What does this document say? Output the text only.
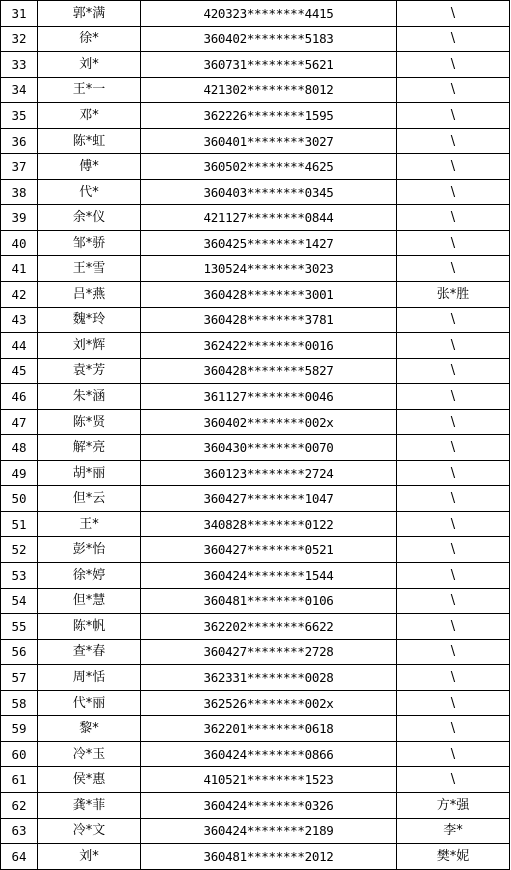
31	郭*满	420323********4415	\
32	徐*	360402********5183	\
33	刘*	360731********5621	\
34	王*一	421302********8012	\
35	邓*	362226********1595	\
36	陈*虹	360401********3027	\
37	傅*	360502********4625	\
38	代*	360403********0345	\
39	余*仪	421127********0844	\
40	邹*骄	360425********1427	\
41	王*雪	130524********3023	\
42	吕*燕	360428********3001	张*胜
43	魏*玲	360428********3781	\
44	刘*辉	362422********0016	\
45	袁*芳	360428********5827	\
46	朱*涵	361127********0046	\
47	陈*贤	360402********002x	\
48	解*亮	360430********0070	\
49	胡*丽	360123********2724	\
50	但*云	360427********1047	\
51	王*	340828********0122	\
52	彭*怡	360427********0521	\
53	徐*婷	360424********1544	\
54	但*慧	360481********0106	\
55	陈*帆	362202********6622	\
56	查*春	360427********2728	\
57	周*恬	362331********0028	\
58	代*丽	362526********002x	\
59	黎*	362201********0618	\
60	冷*玉	360424********0866	\
61	侯*惠	410521********1523	\
62	龚*菲	360424********0326	方*强
63	冷*文	360424********2189	李*
64	刘*	360481********2012	樊*妮
